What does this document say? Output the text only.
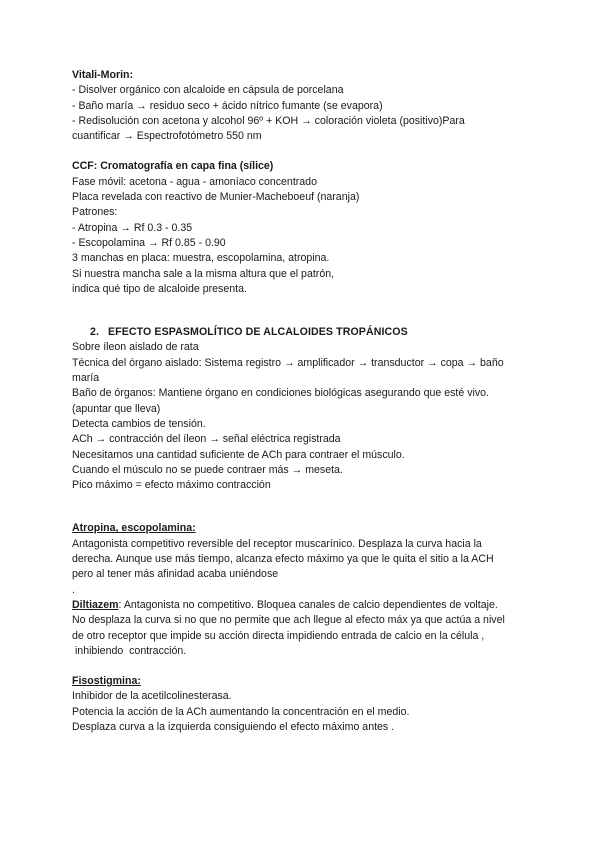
Vitali-Morin:
- Disolver orgánico con alcaloide en cápsula de porcelana
- Baño maría → residuo seco + ácido nítrico fumante (se evapora)
- Redisolución con acetona y alcohol 96º + KOH → coloración violeta (positivo)Para
cuantificar → Espectrofotómetro 550 nm
CCF: Cromatografía en capa fina (sílice)
Fase móvil: acetona - agua - amoníaco concentrado
Placa revelada con reactivo de Munier-Macheboeuf (naranja)
Patrones:
- Atropina → Rf 0.3 - 0.35
- Escopolamina → Rf 0.85 - 0.90
3 manchas en placa: muestra, escopolamina, atropina.
Si nuestra mancha sale a la misma altura que el patrón,
indica qué tipo de alcaloide presenta.
2. EFECTO ESPASMOLÍTICO DE ALCALOIDES TROPÁNICOS
Sobre íleon aislado de rata
Técnica del órgano aislado: Sistema registro → amplificador → transductor → copa → baño
maría
Baño de órganos: Mantiene órgano en condiciones biológicas asegurando que esté vivo.
(apuntar que lleva)
Detecta cambios de tensión.
ACh → contracción del íleon → señal eléctrica registrada
Necesitamos una cantidad suficiente de ACh para contraer el músculo.
Cuando el músculo no se puede contraer más → meseta.
Pico máximo = efecto máximo contracción
Atropina, escopolamina:
Antagonista competitivo reversible del receptor muscarínico. Desplaza la curva hacia la
derecha. Aunque use más tiempo, alcanza efecto máximo ya que le quita el sitio a la ACH
pero al tener más afinidad acaba uniéndose
.
Diltiazem: Antagonista no competitivo. Bloquea canales de calcio dependientes de voltaje.
No desplaza la curva si no que no permite que ach llegue al efecto máx ya que actúa a nivel
de otro receptor que impide su acción directa impidiendo entrada de calcio en la célula ,
inhibiendo  contracción.
Fisostigmina:
Inhibidor de la acetilcolinesterasa.
Potencia la acción de la ACh aumentando la concentración en el medio.
Desplaza curva a la izquierda consiguiendo el efecto máximo antes .
